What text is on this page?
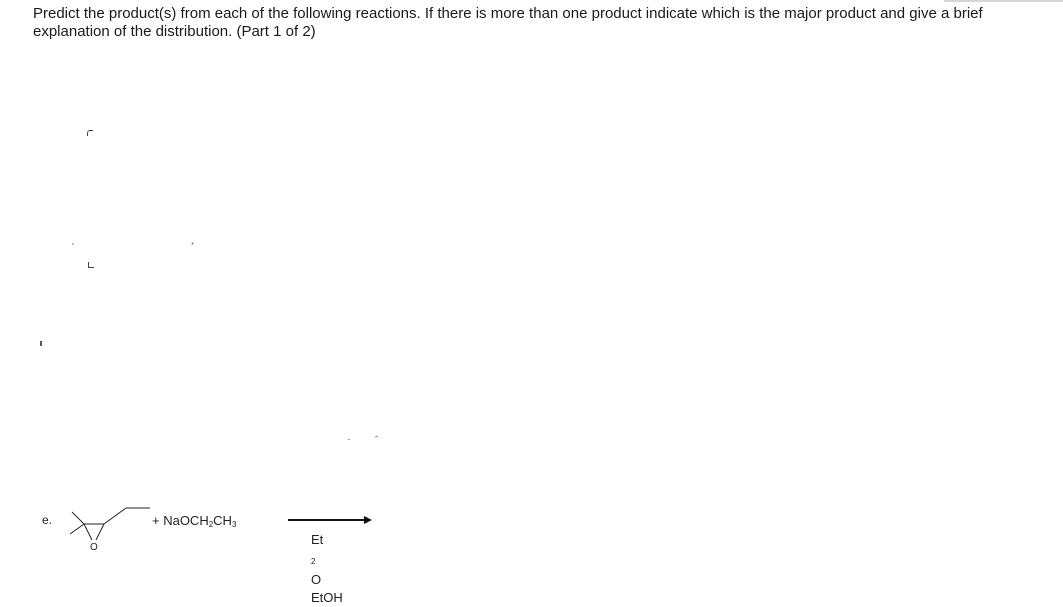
Predict the product(s) from each of the following reactions. If there is more than one product indicate which is the major product and give a brief
explanation of the distribution. (Part 1 of 2)
e.
O
+ $NaOCH_2CH_3$
Et
$_2$
O
EtOH
